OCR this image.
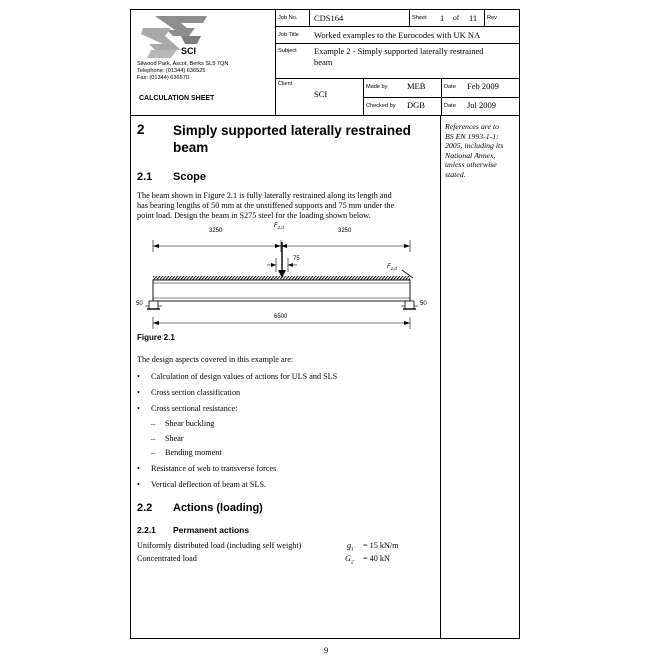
SCI
Silwood Park, Ascot, Berks SL5 7QN
Telephone: (01344) 636525
Fax: (01344) 636570
CALCULATION SHEET
Job No. CDS164	Sheet 1 of 11 Rev
Job Title Worked examples to the Eurocodes with UK NA
Subject Example 2 - Simply supported laterally restrained
beam
Client
SCI
Made by MEB	Date Feb 2009
Checked by DGB	Date Jul 2009
References are to
BS EN 1993-1-1:
2005, including its
National Annex,
unless otherwise
stated.
2 Simply supported laterally restrained
beam
2.1 Scope
The beam shown in Figure 2.1 is fully laterally restrained along its length and
has bearing lengths of 50 mm at the unstiffened supports and 75 mm under the
point load. Design the beam in S275 steel for the loading shown below.
3250	3250
$F_{2,d}$
75
$F_{1,d}$
50	50
6500
Figure 2.1
The design aspects covered in this example are:
• Calculation of design values of actions for ULS and SLS
• Cross section classification
• Cross sectional resistance:
– Shear buckling
– Shear
– Bending moment
• Resistance of web to transverse forces
• Vertical deflection of beam at SLS.
2.2 Actions (loading)
2.2.1 Permanent actions
Uniformly distributed load (including self weight)	$g_1 = 15$ kN/m
Concentrated load	$G_2 = 40$ kN
9
